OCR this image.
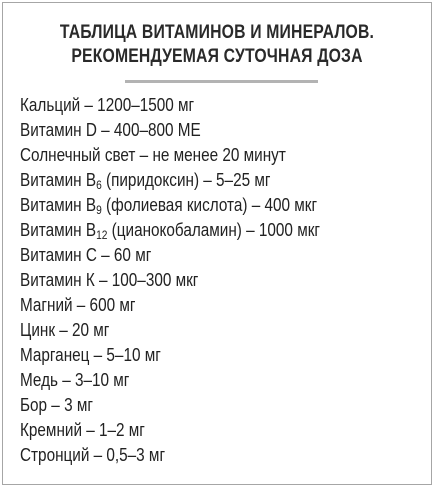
ТАБЛИЦА ВИТАМИНОВ И МИНЕРАЛОВ.
РЕКОМЕНДУЕМАЯ СУТОЧНАЯ ДОЗА
Кальций – 1200–1500 мг
Витамин D – 400–800 МЕ
Солнечный свет – не менее 20 минут
Витамин $В_6$ (пиридоксин) – 5–25 мг
Витамин $В_9$ (фолиевая кислота) – 400 мкг
Витамин $В_{12}$ (цианокобаламин) – 1000 мкг
Витамин С – 60 мг
Витамин К – 100–300 мкг
Магний – 600 мг
Цинк – 20 мг
Марганец – 5–10 мг
Медь – 3–10 мг
Бор – 3 мг
Кремний – 1–2 мг
Стронций – 0,5–3 мг
